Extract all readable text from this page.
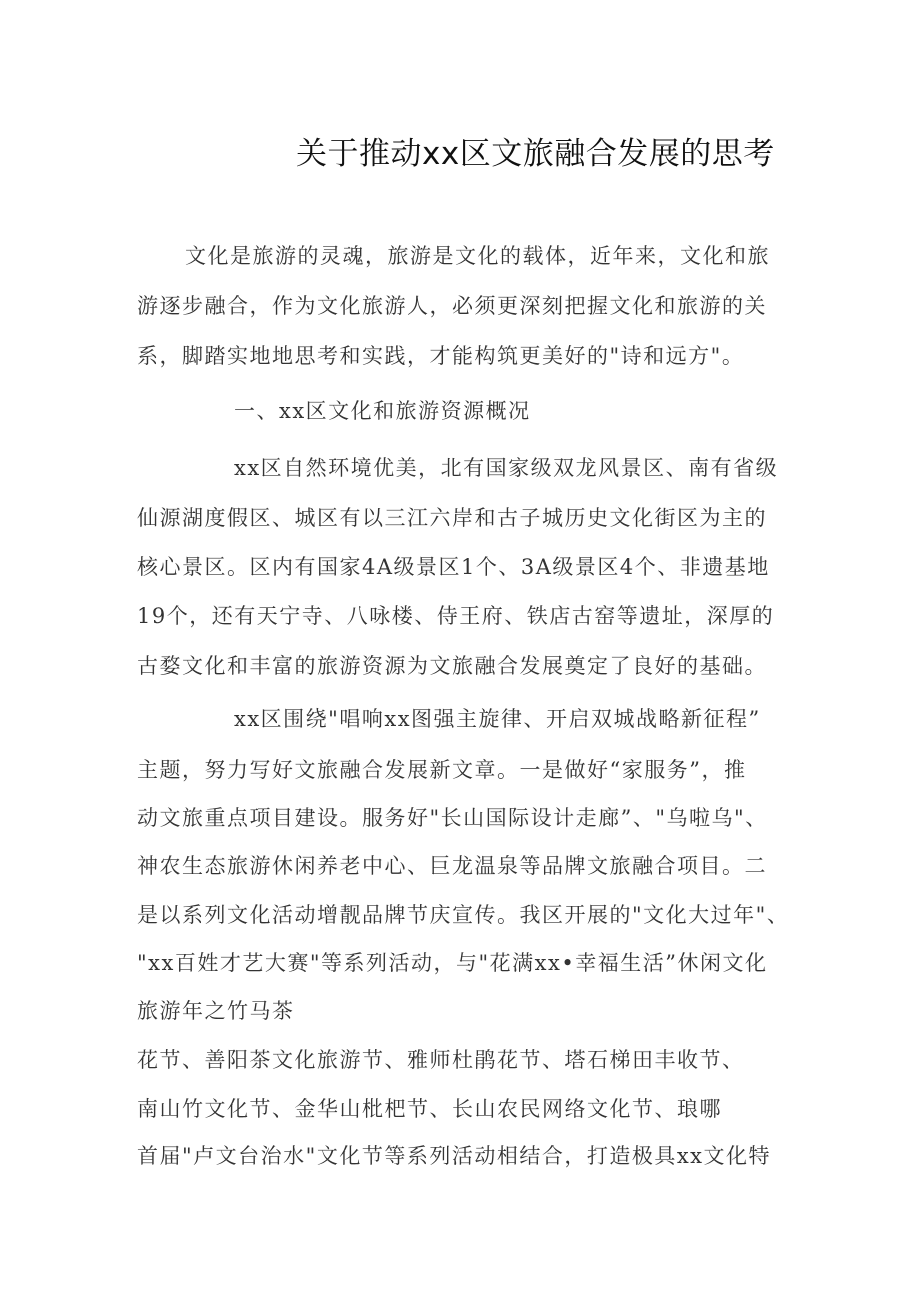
关于推动xx区文旅融合发展的思考
文化是旅游的灵魂，旅游是文化的载体，近年来，文化和旅
游逐步融合，作为文化旅游人，必须更深刻把握文化和旅游的关
系，脚踏实地地思考和实践，才能构筑更美好的"诗和远方"。
一、xx区文化和旅游资源概况
xx区自然环境优美，北有国家级双龙风景区、南有省级
仙源湖度假区、城区有以三江六岸和古子城历史文化街区为主的
核心景区。区内有国家4A级景区1个、3A级景区4个、非遗基地
19个，还有天宁寺、八咏楼、侍王府、铁店古窑等遗址，深厚的
古婺文化和丰富的旅游资源为文旅融合发展奠定了良好的基础。
xx区围绕"唱响xx图强主旋律、开启双城战略新征程”
主题，努力写好文旅融合发展新文章。一是做好“家服务”，推
动文旅重点项目建设。服务好"长山国际设计走廊”、"乌啦乌"、
神农生态旅游休闲养老中心、巨龙温泉等品牌文旅融合项目。二
是以系列文化活动增靓品牌节庆宣传。我区开展的"文化大过年"、
"xx百姓才艺大赛"等系列活动，与"花满xx•幸福生活”休闲文化
旅游年之竹马茶
花节、善阳茶文化旅游节、雅师杜鹃花节、塔石梯田丰收节、
南山竹文化节、金华山枇杷节、长山农民网络文化节、琅哪
首届"卢文台治水"文化节等系列活动相结合，打造极具xx文化特
